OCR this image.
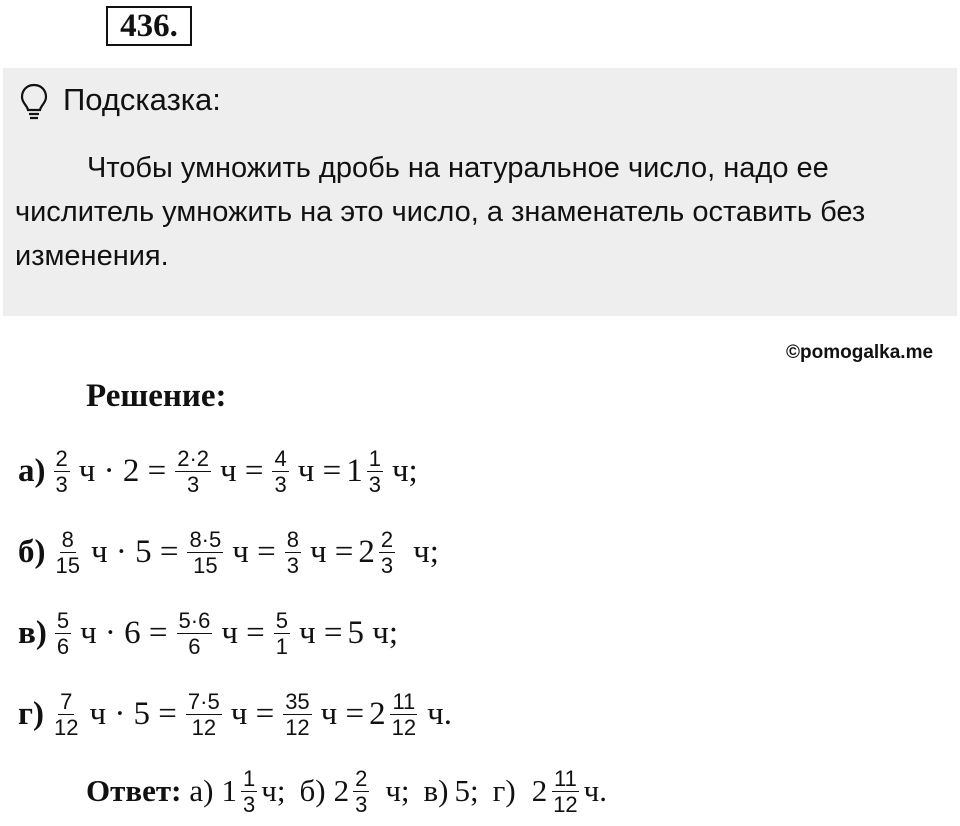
436.
Подсказка:
Чтобы умножить дробь на натуральное число, надо ее числитель умножить на это число, а знаменатель оставить без изменения.
©pomogalka.me
Решение:
$а) \frac{2}{3}$ $ч \cdot 2 = \frac{2\cdot 2}{3}$ $ч = \frac{4}{3}$ $ч = 1 \frac{1}{3} ч$;
$б) \frac{8}{15}$ $ч \cdot 5 = \frac{8\cdot 5}{15}$ $ч = \frac{8}{3}$ $ч = 2 \frac{2}{3} ч$;
$в) \frac{5}{6}$ $ч \cdot 6 = \frac{5\cdot 6}{6}$ $ч = \frac{5}{1}$ ч = 5 ч;
$г) \frac{7}{12}$ $ч \cdot 5 = \frac{7\cdot 5}{12}$ $ч = \frac{35}{12}$ $ч = 2 \frac{11}{12} ч$.
Ответ: а) $1 \frac{1}{3} ч$; б) $2 \frac{2}{3} ч$; в) 5; г) $2 \frac{11}{12} ч$.
